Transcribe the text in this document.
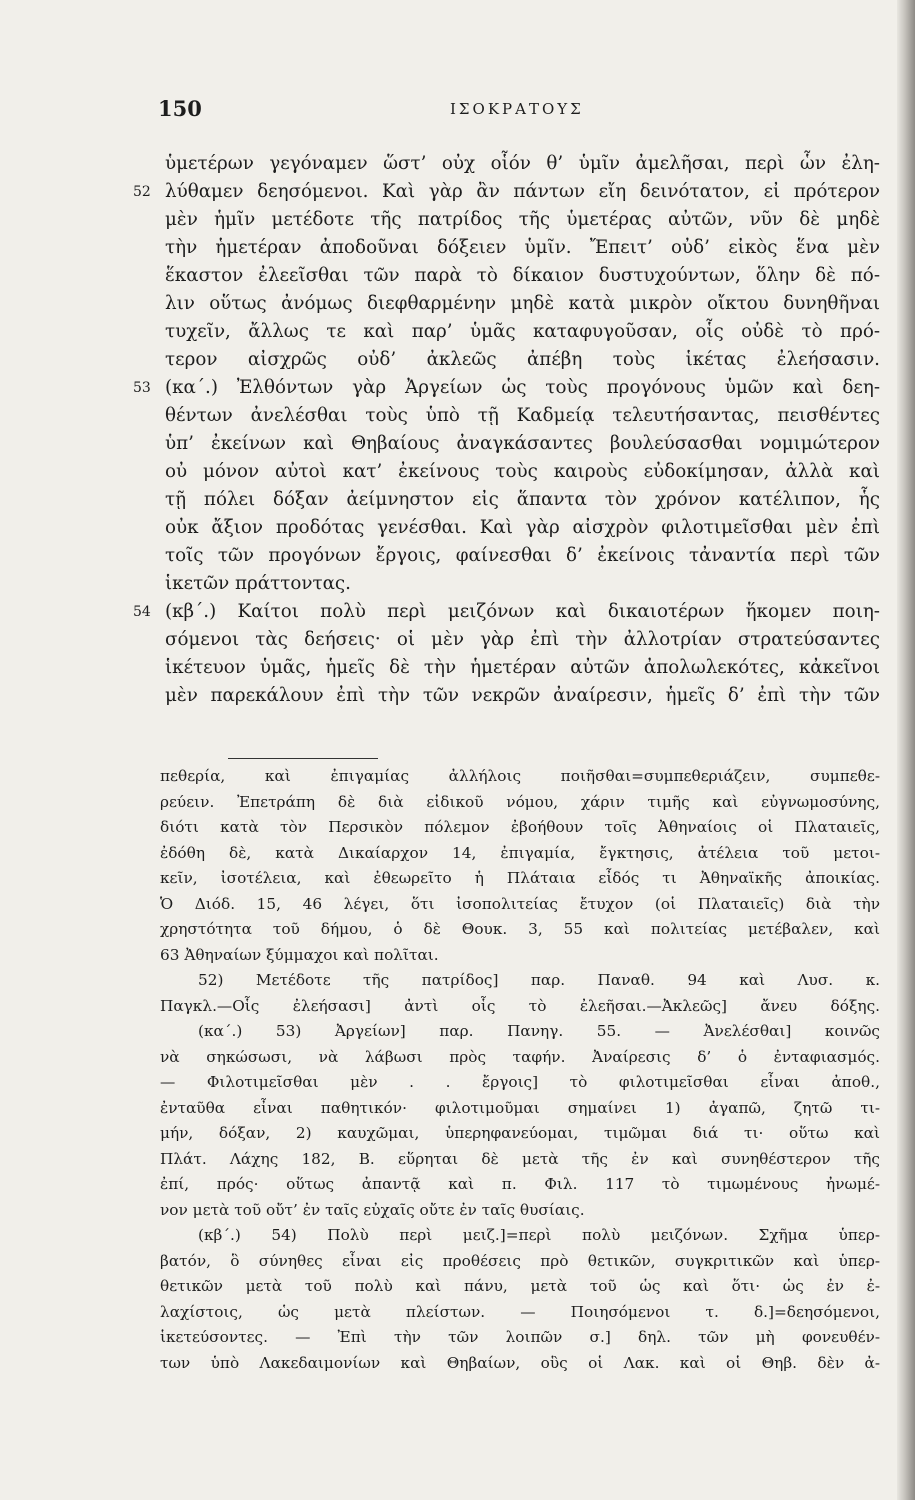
150	ΙΣΟΚΡΑΤΟΥΣ
ὑμετέρων γεγόναμεν ὥστ’ οὐχ οἷόν θ’ ὑμῖν ἀμελῆσαι, περὶ ὧν ἐλη-
52 λύθαμεν δεησόμενοι. Καὶ γὰρ ἂν πάντων εἴη δεινότατον, εἰ πρότερον
μὲν ἡμῖν μετέδοτε τῆς πατρίδος τῆς ὑμετέρας αὐτῶν, νῦν δὲ μηδὲ
τὴν ἡμετέραν ἀποδοῦναι δόξειεν ὑμῖν. Ἔπειτ’ οὐδ’ εἰκὸς ἕνα μὲν
ἕκαστον ἐλεεῖσθαι τῶν παρὰ τὸ δίκαιον δυστυχούντων, ὅλην δὲ πό-
λιν οὕτως ἀνόμως διεφθαρμένην μηδὲ κατὰ μικρὸν οἴκτου δυνηθῆναι
τυχεῖν, ἄλλως τε καὶ παρ’ ὑμᾶς καταφυγοῦσαν, οἷς οὐδὲ τὸ πρό-
τερον αἰσχρῶς οὐδ’ ἀκλεῶς ἀπέβη τοὺς ἱκέτας ἐλεήσασιν.
53 (κα΄.) Ἐλθόντων γὰρ Ἀργείων ὡς τοὺς προγόνους ὑμῶν καὶ δεη-
θέντων ἀνελέσθαι τοὺς ὑπὸ τῇ Καδμείᾳ τελευτήσαντας, πεισθέντες
ὑπ’ ἐκείνων καὶ Θηβαίους ἀναγκάσαντες βουλεύσασθαι νομιμώτερον
οὐ μόνον αὐτοὶ κατ’ ἐκείνους τοὺς καιροὺς εὐδοκίμησαν, ἀλλὰ καὶ
τῇ πόλει δόξαν ἀείμνηστον εἰς ἅπαντα τὸν χρόνον κατέλιπον, ἧς
οὐκ ἄξιον προδότας γενέσθαι. Καὶ γὰρ αἰσχρὸν φιλοτιμεῖσθαι μὲν ἐπὶ
τοῖς τῶν προγόνων ἔργοις, φαίνεσθαι δ’ ἐκείνοις τἀναντία περὶ τῶν
ἱκετῶν πράττοντας.
54 (κβ΄.) Καίτοι πολὺ περὶ μειζόνων καὶ δικαιοτέρων ἥκομεν ποιη-
σόμενοι τὰς δεήσεις· οἱ μὲν γὰρ ἐπὶ τὴν ἀλλοτρίαν στρατεύσαντες
ἱκέτευον ὑμᾶς, ἡμεῖς δὲ τὴν ἡμετέραν αὐτῶν ἀπολωλεκότες, κἀκεῖνοι
μὲν παρεκάλουν ἐπὶ τὴν τῶν νεκρῶν ἀναίρεσιν, ἡμεῖς δ’ ἐπὶ τὴν τῶν
πεθερία, καὶ ἐπιγαμίας ἀλλήλοις ποιῆσθαι=συμπεθεριάζειν, συμπεθε-
ρεύειν. Ἐπετράπη δὲ διὰ εἰδικοῦ νόμου, χάριν τιμῆς καὶ εὐγνωμοσύνης,
διότι κατὰ τὸν Περσικὸν πόλεμον ἐβοήθουν τοῖς Ἀθηναίοις οἱ Πλαταιεῖς,
ἐδόθη δὲ, κατὰ Δικαίαρχον 14, ἐπιγαμία, ἔγκτησις, ἀτέλεια τοῦ μετοι-
κεῖν, ἰσοτέλεια, καὶ ἐθεωρεῖτο ἡ Πλάταια εἶδός τι Ἀθηναϊκῆς ἀποικίας.
Ὁ Διόδ. 15, 46 λέγει, ὅτι ἰσοπολιτείας ἔτυχον (οἱ Πλαταιεῖς) διὰ τὴν
χρηστότητα τοῦ δήμου, ὁ δὲ Θουκ. 3, 55 καὶ πολιτείας μετέβαλεν, καὶ
63 Ἀθηναίων ξύμμαχοι καὶ πολῖται.
52) Μετέδοτε τῆς πατρίδος] παρ. Παναθ. 94 καὶ Λυσ. κ.
Παγκλ.—Οἷς ἐλεήσασι] ἀντὶ οἷς τὸ ἐλεῆσαι.—Ἀκλεῶς] ἄνευ δόξης.
(κα΄.) 53) Ἀργείων] παρ. Πανηγ. 55. — Ἀνελέσθαι] κοινῶς
νὰ σηκώσωσι, νὰ λάβωσι πρὸς ταφήν. Ἀναίρεσις δ’ ὁ ἐνταφιασμός.
— Φιλοτιμεῖσθαι μὲν . . ἔργοις] τὸ φιλοτιμεῖσθαι εἶναι ἀποθ.,
ἐνταῦθα εἶναι παθητικόν· φιλοτιμοῦμαι σημαίνει 1) ἀγαπῶ, ζητῶ τι-
μήν, δόξαν, 2) καυχῶμαι, ὑπερηφανεύομαι, τιμῶμαι διά τι· οὕτω καὶ
Πλάτ. Λάχης 182, Β. εὕρηται δὲ μετὰ τῆς ἐν καὶ συνηθέστερον τῆς
ἐπί, πρός· οὕτως ἀπαντᾷ καὶ π. Φιλ. 117 τὸ τιμωμένους ἠνωμέ-
νον μετὰ τοῦ οὔτ’ ἐν ταῖς εὐχαῖς οὔτε ἐν ταῖς θυσίαις.
(κβ΄.) 54) Πολὺ περὶ μειζ.]=περὶ πολὺ μειζόνων. Σχῆμα ὑπερ-
βατόν, ὃ σύνηθες εἶναι εἰς προθέσεις πρὸ θετικῶν, συγκριτικῶν καὶ ὑπερ-
θετικῶν μετὰ τοῦ πολὺ καὶ πάνυ, μετὰ τοῦ ὡς καὶ ὅτι· ὡς ἐν ἐ-
λαχίστοις, ὡς μετὰ πλείστων. — Ποιησόμενοι τ. δ.]=δεησόμενοι,
ἱκετεύσοντες. — Ἐπὶ τὴν τῶν λοιπῶν σ.] δηλ. τῶν μὴ φονευθέν-
των ὑπὸ Λακεδαιμονίων καὶ Θηβαίων, οὓς οἱ Λακ. καὶ οἱ Θηβ. δὲν ἀ-
